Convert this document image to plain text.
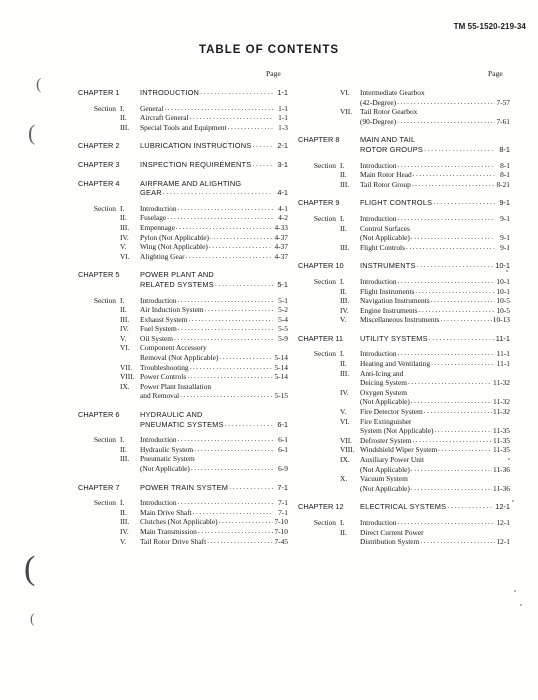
TM 55-1520-219-34
TABLE OF CONTENTS
Page	Page
CHAPTER 1	INTRODUCTION .....	1-1
Section I.	General .....	1-1
II.	Aircraft General .....	1-1
III.	Special Tools and Equipment .....	1-3
CHAPTER 2	LUBRICATION INSTRUCTIONS .....	2-1
CHAPTER 3	INSPECTION REQUIREMENTS .....	3-1
CHAPTER 4	AIRFRAME AND ALIGHTING
GEAR .....	4-1
Section I.	Introduction .....	4-1
II.	Fuselage .....	4-2
III.	Empennage .....	4-33
IV.	Pylon (Not Applicable) .....	4-37
V.	Wing (Not Applicable) .....	4-37
VI.	Alighting Gear .....	4-37
CHAPTER 5	POWER PLANT AND
RELATED SYSTEMS .....	5-1
Section I.	Introduction .....	5-1
II.	Air Induction System .....	5-2
III.	Exhaust System .....	5-4
IV.	Fuel System .....	5-5
V.	Oil System .....	5-9
VI.	Component Accessory
Removal (Not Applicable) .....	5-14
VII.	Troubleshooting .....	5-14
VIII. Power Controls .....	5-14
IX.	Power Plant Installation
and Removal .....	5-15
CHAPTER 6	HYDRAULIC AND
PNEUMATIC SYSTEMS .....	6-1
Section I.	Introduction .....	6-1
II.	Hydraulic System .....	6-1
III.	Pneumatic System
(Not Applicable) .....	6-9
CHAPTER 7	POWER TRAIN SYSTEM .....	7-1
Section I.	Introduction .....	7-1
II.	Main Drive Shaft .....	7-1
III.	Clutches (Not Applicable) .....	7-10
IV.	Main Transmission .....	7-10
V.	Tail Rotor Drive Shaft .....	7-45
VI.	Intermediate Gearbox
(42-Degree) .....	7-57
VII.	Tail Rotor Gearbox
(90-Degree) .....	7-61
CHAPTER 8	MAIN AND TAIL
ROTOR GROUPS .....	8-1
Section I.	Introduction .....	8-1
II.	Main Rotor Head .....	8-1
III.	Tail Rotor Group .....	8-21
CHAPTER 9	FLIGHT CONTROLS .....	9-1
Section I.	Introduction .....	9-1
II.	Control Surfaces
(Not Applicable) .....	9-1
III.	Flight Controls .....	9-1
CHAPTER 10	INSTRUMENTS .....	10-1
Section I.	Introduction .....	10-1
II.	Flight Instruments .....	10-1
III.	Navigation Instruments .....	10-5
IV.	Engine Instruments .....	10-5
V.	Miscellaneous Instruments .....	10-13
CHAPTER 11	UTILITY SYSTEMS .....	11-1
Section I.	Introduction .....	11-1
II.	Heating and Ventilating .....	11-1
III.	Anti-Icing and
Deicing System .....	11-32
IV.	Oxygen System
(Not Applicable) .....	11-32
V.	Fire Detector System .....	11-32
VI.	Fire Extinguisher
System (Not Applicable) .....	11-35
VII.	Defroster System .....	11-35
VIII. Windshield Wiper System .....	11-35
IX.	Auxiliary Power Unit
(Not Applicable) .....	11-36
X.	Vacuum System
(Not Applicable) .....	11-36
CHAPTER 12	ELECTRICAL SYSTEMS .....	12-1
Section I.	Introduction .....	12-1
II.	Direct Current Power
Distribution System .....	12-1
(
(
(
(
